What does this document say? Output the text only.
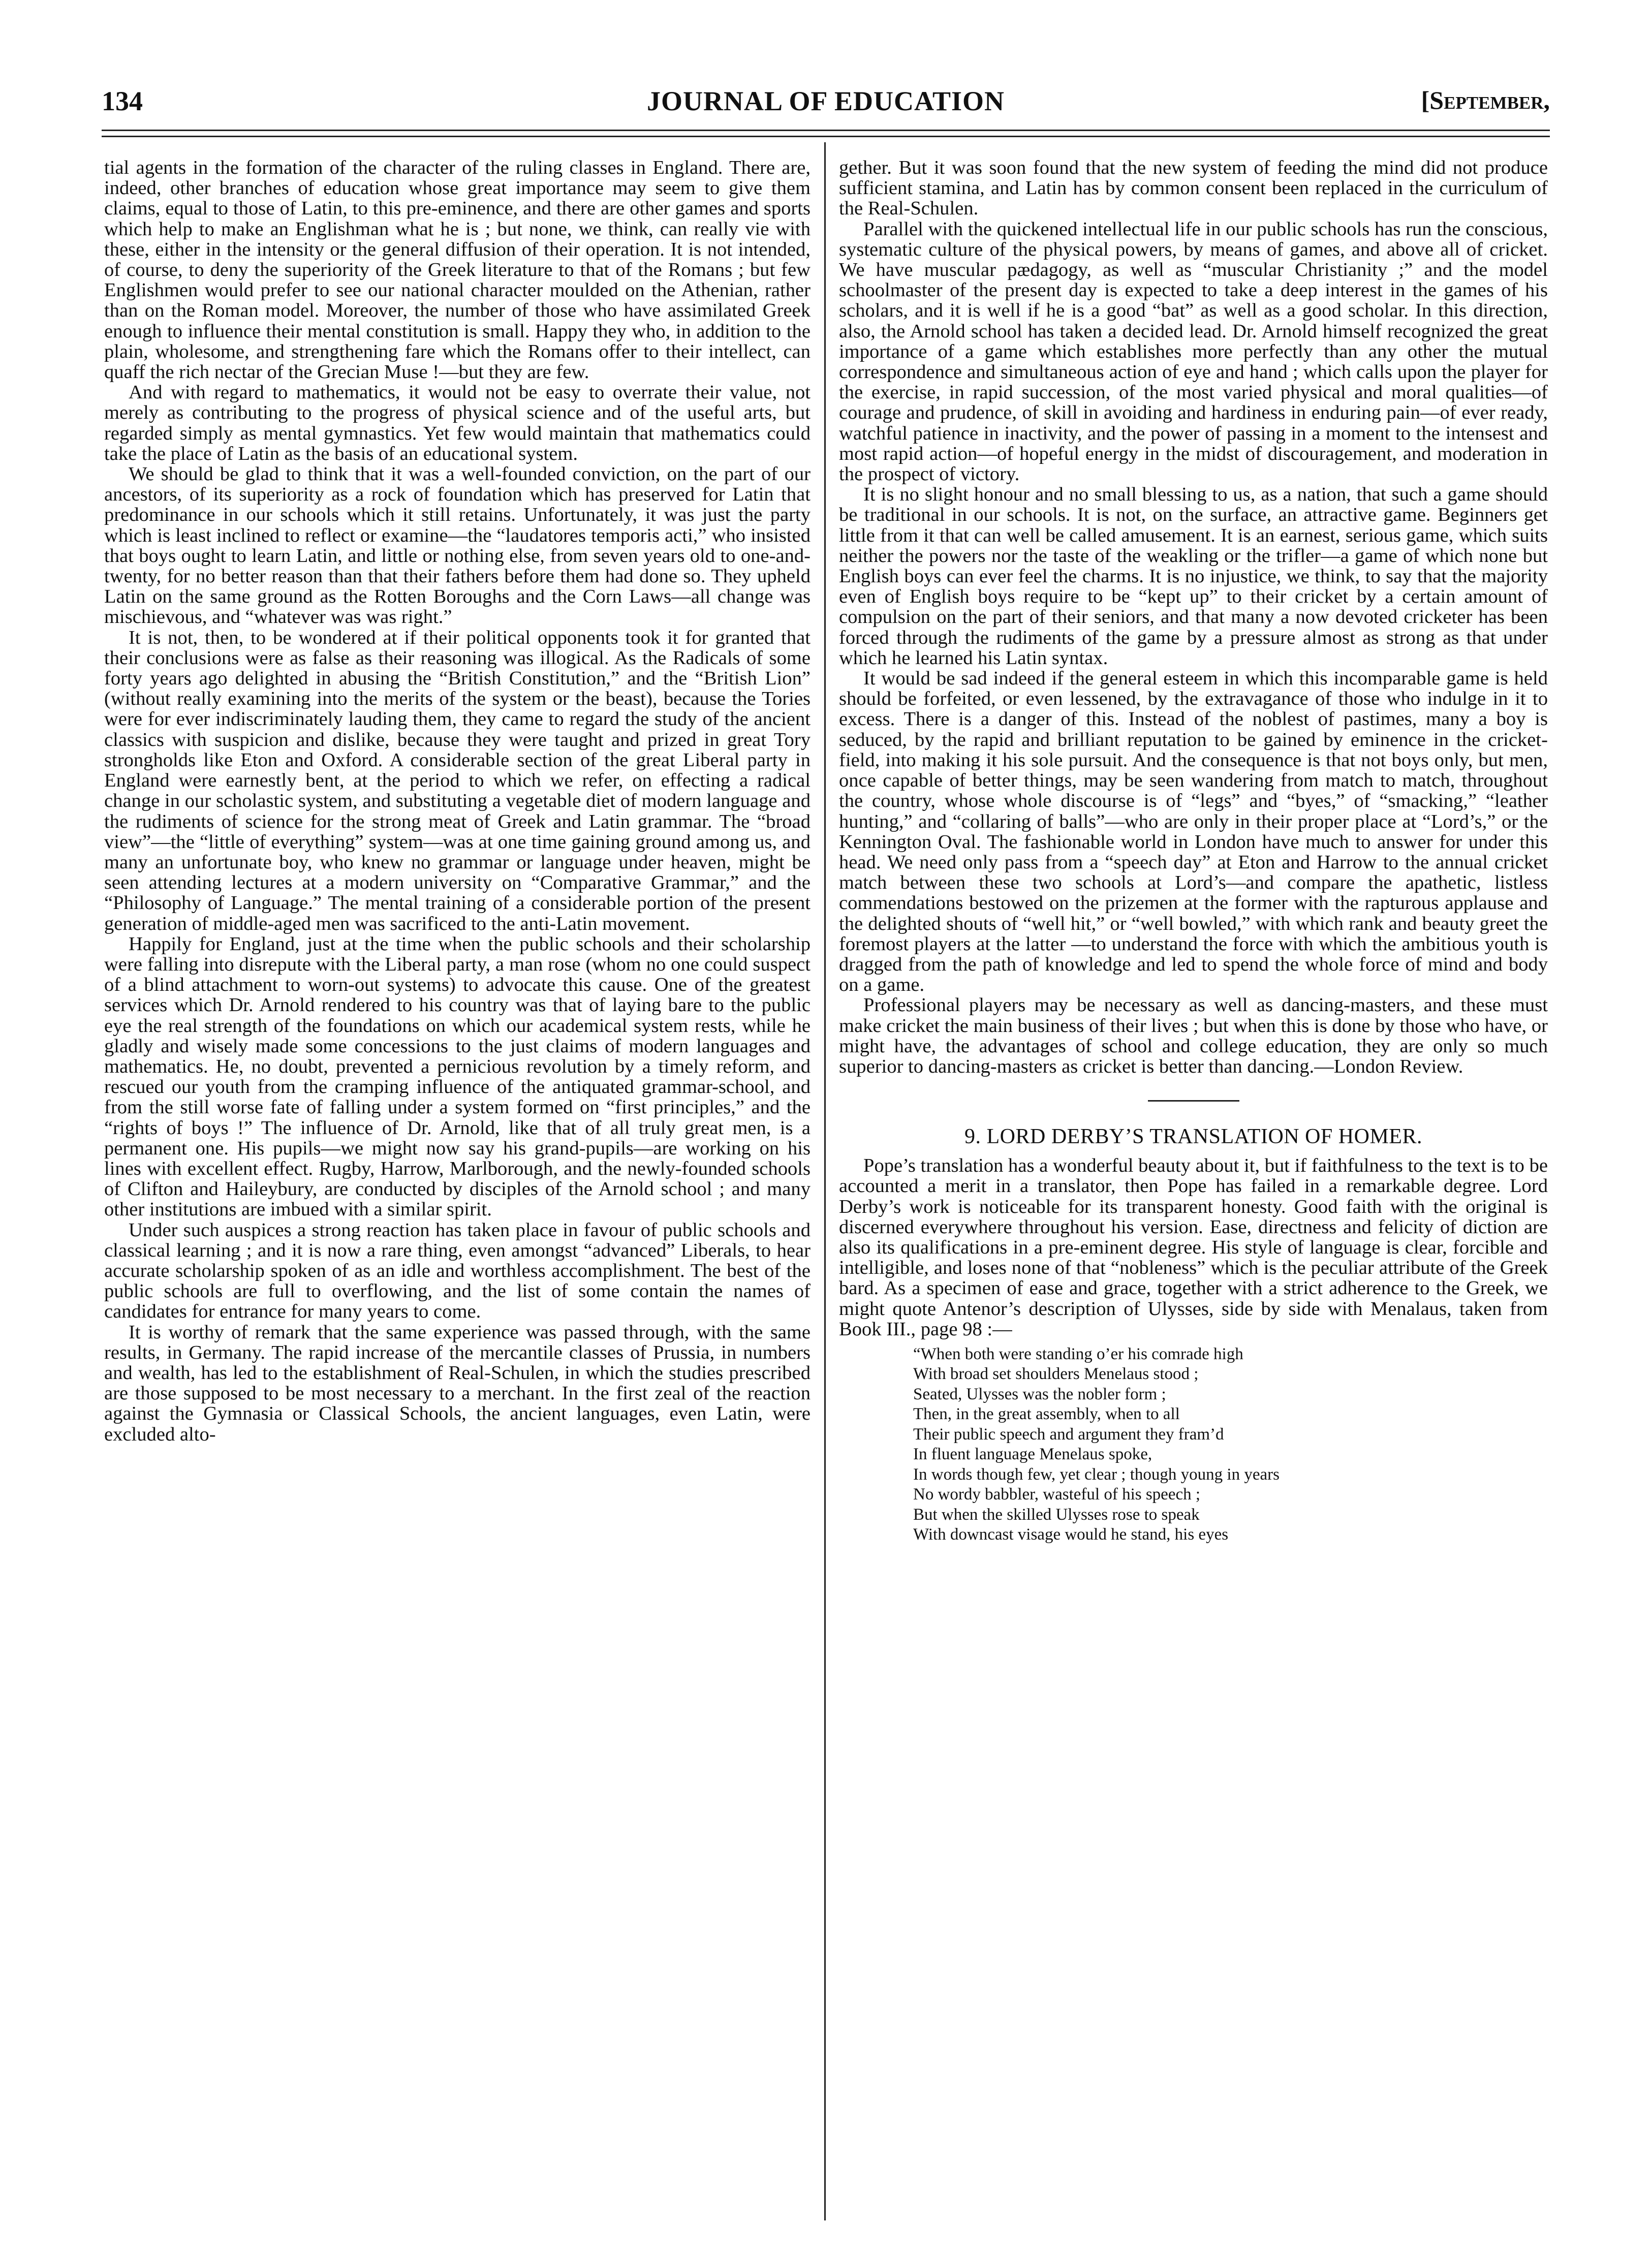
JOURNAL OF EDUCATION
134	[September,

tial agents in the formation of the character of the ruling classes in England. There are, indeed, other branches of education whose great importance may seem to give them claims, equal to those of Latin, to this pre-eminence, and there are other games and sports which help to make an Englishman what he is ; but none, we think, can really vie with these, either in the intensity or the general diffusion of their operation. It is not intended, of course, to deny the superiority of the Greek literature to that of the Romans ; but few Englishmen would prefer to see our national character moulded on the Athenian, rather than on the Roman model. Moreover, the number of those who have assimilated Greek enough to influence their mental constitution is small. Happy they who, in addition to the plain, wholesome, and strengthening fare which the Romans offer to their intellect, can quaff the rich nectar of the Grecian Muse !—but they are few.

And with regard to mathematics, it would not be easy to overrate their value, not merely as contributing to the progress of physical science and of the useful arts, but regarded simply as mental gymnastics. Yet few would maintain that mathematics could take the place of Latin as the basis of an educational system.

We should be glad to think that it was a well-founded conviction, on the part of our ancestors, of its superiority as a rock of foundation which has preserved for Latin that predominance in our schools which it still retains. Unfortunately, it was just the party which is least inclined to reflect or examine—the “laudatores temporis acti,” who insisted that boys ought to learn Latin, and little or nothing else, from seven years old to one-and-twenty, for no better reason than that their fathers before them had done so. They upheld Latin on the same ground as the Rotten Boroughs and the Corn Laws—all change was mischievous, and “whatever was was right.”

It is not, then, to be wondered at if their political opponents took it for granted that their conclusions were as false as their reasoning was illogical. As the Radicals of some forty years ago delighted in abusing the “British Constitution,” and the “British Lion” (without really examining into the merits of the system or the beast), because the Tories were for ever indiscriminately lauding them, they came to regard the study of the ancient classics with suspicion and dislike, because they were taught and prized in great Tory strongholds like Eton and Oxford. A considerable section of the great Liberal party in England were earnestly bent, at the period to which we refer, on effecting a radical change in our scholastic system, and substituting a vegetable diet of modern language and the rudiments of science for the strong meat of Greek and Latin grammar. The “broad view”—the “little of everything” system—was at one time gaining ground among us, and many an unfortunate boy, who knew no grammar or language under heaven, might be seen attending lectures at a modern university on “Comparative Grammar,” and the “Philosophy of Language.” The mental training of a considerable portion of the present generation of middle-aged men was sacrificed to the anti-Latin movement.

Happily for England, just at the time when the public schools and their scholarship were falling into disrepute with the Liberal party, a man rose (whom no one could suspect of a blind attachment to worn-out systems) to advocate this cause. One of the greatest services which Dr. Arnold rendered to his country was that of laying bare to the public eye the real strength of the foundations on which our academical system rests, while he gladly and wisely made some concessions to the just claims of modern languages and mathematics. He, no doubt, prevented a pernicious revolution by a timely reform, and rescued our youth from the cramping influence of the antiquated grammar-school, and from the still worse fate of falling under a system formed on “first principles,” and the “rights of boys !” The influence of Dr. Arnold, like that of all truly great men, is a permanent one. His pupils—we might now say his grand-pupils—are working on his lines with excellent effect. Rugby, Harrow, Marlborough, and the newly-founded schools of Clifton and Haileybury, are conducted by disciples of the Arnold school ; and many other institutions are imbued with a similar spirit.

Under such auspices a strong reaction has taken place in favour of public schools and classical learning ; and it is now a rare thing, even amongst “advanced” Liberals, to hear accurate scholarship spoken of as an idle and worthless accomplishment. The best of the public schools are full to overflowing, and the list of some contain the names of candidates for entrance for many years to come.

It is worthy of remark that the same experience was passed through, with the same results, in Germany. The rapid increase of the mercantile classes of Prussia, in numbers and wealth, has led to the establishment of Real-Schulen, in which the studies prescribed are those supposed to be most necessary to a merchant. In the first zeal of the reaction against the Gymnasia or Classical Schools, the ancient languages, even Latin, were excluded alto-

gether. But it was soon found that the new system of feeding the mind did not produce sufficient stamina, and Latin has by common consent been replaced in the curriculum of the Real-Schulen.

Parallel with the quickened intellectual life in our public schools has run the conscious, systematic culture of the physical powers, by means of games, and above all of cricket. We have muscular pædagogy, as well as “muscular Christianity ;” and the model schoolmaster of the present day is expected to take a deep interest in the games of his scholars, and it is well if he is a good “bat” as well as a good scholar. In this direction, also, the Arnold school has taken a decided lead. Dr. Arnold himself recognized the great importance of a game which establishes more perfectly than any other the mutual correspondence and simultaneous action of eye and hand ; which calls upon the player for the exercise, in rapid succession, of the most varied physical and moral qualities—of courage and prudence, of skill in avoiding and hardiness in enduring pain—of ever ready, watchful patience in inactivity, and the power of passing in a moment to the intensest and most rapid action—of hopeful energy in the midst of discouragement, and moderation in the prospect of victory.

It is no slight honour and no small blessing to us, as a nation, that such a game should be traditional in our schools. It is not, on the surface, an attractive game. Beginners get little from it that can well be called amusement. It is an earnest, serious game, which suits neither the powers nor the taste of the weakling or the trifler—a game of which none but English boys can ever feel the charms. It is no injustice, we think, to say that the majority even of English boys require to be “kept up” to their cricket by a certain amount of compulsion on the part of their seniors, and that many a now devoted cricketer has been forced through the rudiments of the game by a pressure almost as strong as that under which he learned his Latin syntax.

It would be sad indeed if the general esteem in which this incomparable game is held should be forfeited, or even lessened, by the extravagance of those who indulge in it to excess. There is a danger of this. Instead of the noblest of pastimes, many a boy is seduced, by the rapid and brilliant reputation to be gained by eminence in the cricket-field, into making it his sole pursuit. And the consequence is that not boys only, but men, once capable of better things, may be seen wandering from match to match, throughout the country, whose whole discourse is of “legs” and “byes,” of “smacking,” “leather hunting,” and “collaring of balls”—who are only in their proper place at “Lord’s,” or the Kennington Oval. The fashionable world in London have much to answer for under this head. We need only pass from a “speech day” at Eton and Harrow to the annual cricket match between these two schools at Lord’s—and compare the apathetic, listless commendations bestowed on the prizemen at the former with the rapturous applause and the delighted shouts of “well hit,” or “well bowled,” with which rank and beauty greet the foremost players at the latter —to understand the force with which the ambitious youth is dragged from the path of knowledge and led to spend the whole force of mind and body on a game.

Professional players may be necessary as well as dancing-masters, and these must make cricket the main business of their lives ; but when this is done by those who have, or might have, the advantages of school and college education, they are only so much superior to dancing-masters as cricket is better than dancing.—London Review.

9. LORD DERBY’S TRANSLATION OF HOMER.

Pope’s translation has a wonderful beauty about it, but if faithfulness to the text is to be accounted a merit in a translator, then Pope has failed in a remarkable degree. Lord Derby’s work is noticeable for its transparent honesty. Good faith with the original is discerned everywhere throughout his version. Ease, directness and felicity of diction are also its qualifications in a pre-eminent degree. His style of language is clear, forcible and intelligible, and loses none of that “nobleness” which is the peculiar attribute of the Greek bard. As a specimen of ease and grace, together with a strict adherence to the Greek, we might quote Antenor’s description of Ulysses, side by side with Menalaus, taken from Book III., page 98 :—

“When both were standing o’er his comrade high
With broad set shoulders Menelaus stood ;
Seated, Ulysses was the nobler form ;
Then, in the great assembly, when to all
Their public speech and argument they fram’d
In fluent language Menelaus spoke,
In words though few, yet clear ; though young in years
No wordy babbler, wasteful of his speech ;
But when the skilled Ulysses rose to speak
With downcast visage would he stand, his eyes
